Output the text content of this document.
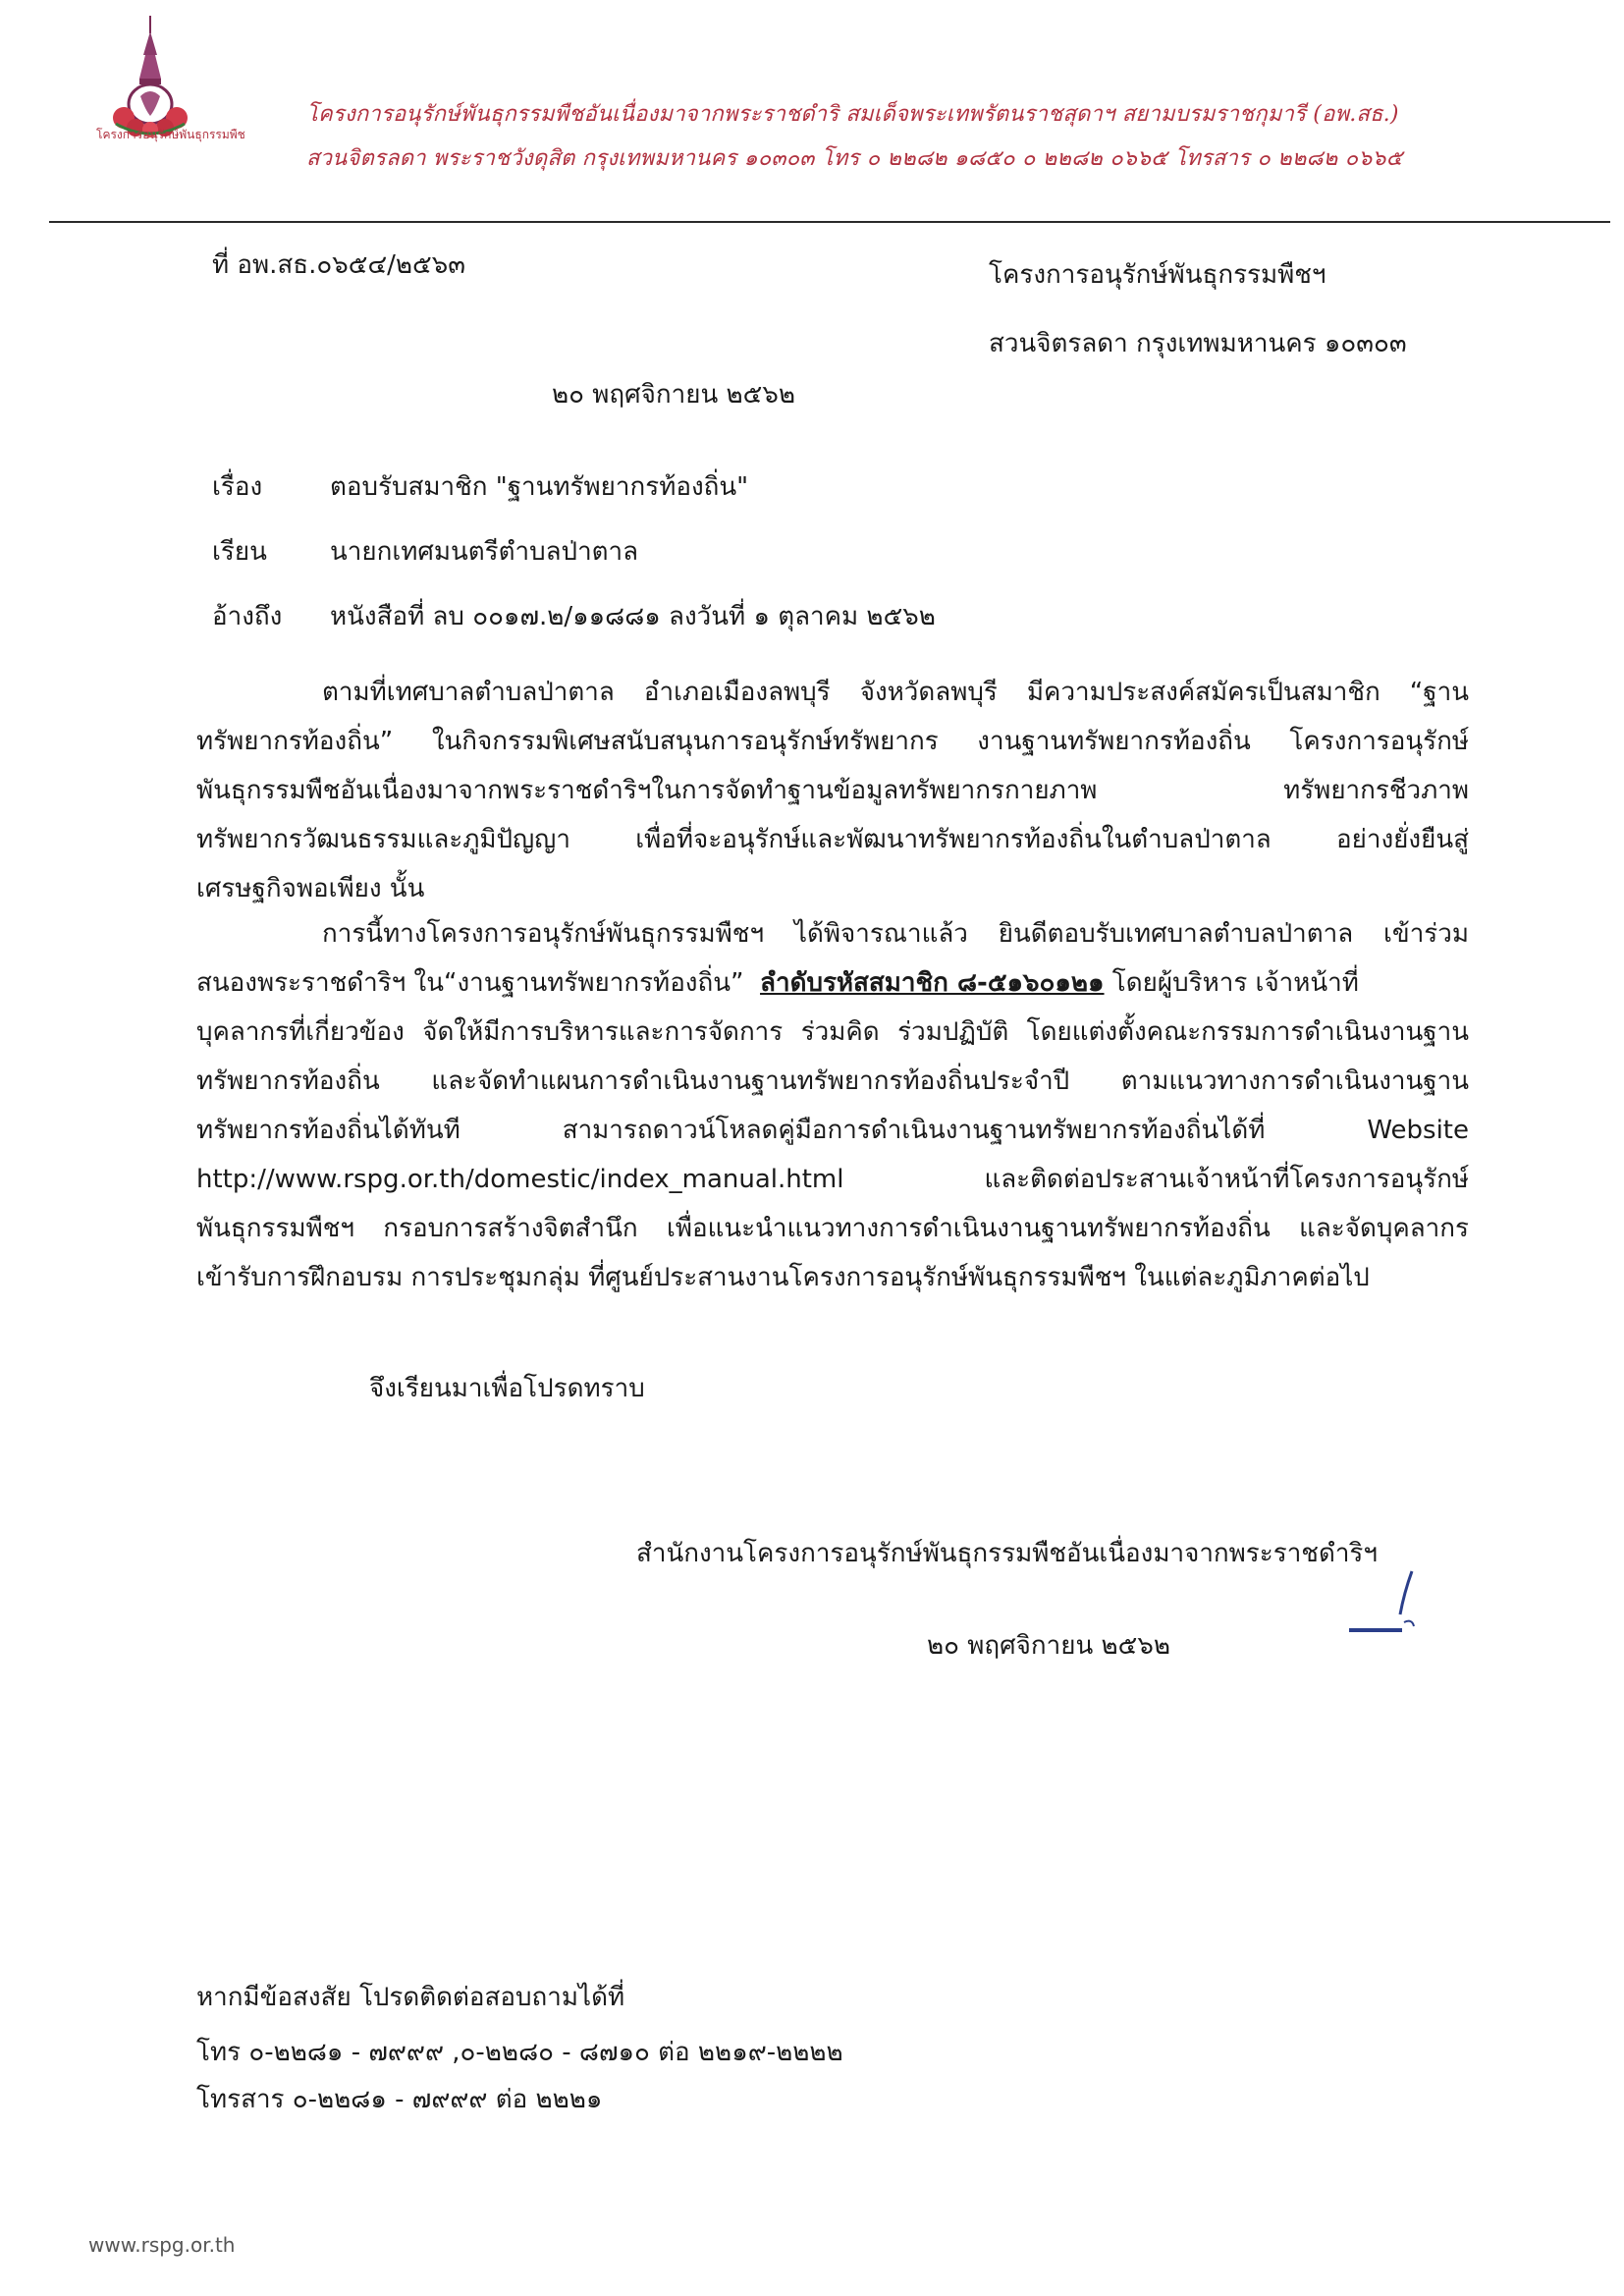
โครงการอนุรักษ์พันธุกรรมพืช
โครงการอนุรักษ์พันธุกรรมพืชอันเนื่องมาจากพระราชดำริ สมเด็จพระเทพรัตนราชสุดาฯ สยามบรมราชกุมารี (อพ.สธ.)
สวนจิตรลดา พระราชวังดุสิต กรุงเทพมหานคร ๑๐๓๐๓ โทร ๐ ๒๒๘๒ ๑๘๕๐ ๐ ๒๒๘๒ ๐๖๖๕ โทรสาร ๐ ๒๒๘๒ ๐๖๖๕
ที่ อพ.สธ.๐๖๕๔/๒๕๖๓	โครงการอนุรักษ์พันธุกรรมพืชฯ
สวนจิตรลดา กรุงเทพมหานคร ๑๐๓๐๓
๒๐ พฤศจิกายน ๒๕๖๒
เรื่อง	ตอบรับสมาชิก "ฐานทรัพยากรท้องถิ่น"
เรียน นายกเทศมนตรีตำบลป่าตาล
อ้างถึง หนังสือที่ ลบ ๐๐๑๗.๒/๑๑๘๘๑ ลงวันที่ ๑ ตุลาคม ๒๕๖๒
ตามที่เทศบาลตำบลป่าตาล อำเภอเมืองลพบุรี จังหวัดลพบุรี มีความประสงค์สมัครเป็นสมาชิก “ฐาน
ทรัพยากรท้องถิ่น” ในกิจกรรมพิเศษสนับสนุนการอนุรักษ์ทรัพยากร งานฐานทรัพยากรท้องถิ่น โครงการอนุรักษ์
พันธุกรรมพืชอันเนื่องมาจากพระราชดำริฯในการจัดทำฐานข้อมูลทรัพยากรกายภาพ ทรัพยากรชีวภาพ
ทรัพยากรวัฒนธรรมและภูมิปัญญา เพื่อที่จะอนุรักษ์และพัฒนาทรัพยากรท้องถิ่นในตำบลป่าตาล อย่างยั่งยืนสู่
เศรษฐกิจพอเพียง นั้น
การนี้ทางโครงการอนุรักษ์พันธุกรรมพืชฯ ได้พิจารณาแล้ว ยินดีตอบรับเทศบาลตำบลป่าตาล เข้าร่วม
สนองพระราชดำริฯ ใน“งานฐานทรัพยากรท้องถิ่น” ลำดับรหัสสมาชิก ๘-๕๑๖๐๑๒๑ โดยผู้บริหาร เจ้าหน้าที่
บุคลากรที่เกี่ยวข้อง จัดให้มีการบริหารและการจัดการ ร่วมคิด ร่วมปฏิบัติ โดยแต่งตั้งคณะกรรมการดำเนินงานฐาน
ทรัพยากรท้องถิ่น และจัดทำแผนการดำเนินงานฐานทรัพยากรท้องถิ่นประจำปี ตามแนวทางการดำเนินงานฐาน
ทรัพยากรท้องถิ่นได้ทันที สามารถดาวน์โหลดคู่มือการดำเนินงานฐานทรัพยากรท้องถิ่นได้ที่ Website
http://www.rspg.or.th/domestic/index_manual.html และติดต่อประสานเจ้าหน้าที่โครงการอนุรักษ์
พันธุกรรมพืชฯ กรอบการสร้างจิตสำนึก เพื่อแนะนำแนวทางการดำเนินงานฐานทรัพยากรท้องถิ่น และจัดบุคลากร
เข้ารับการฝึกอบรม การประชุมกลุ่ม ที่ศูนย์ประสานงานโครงการอนุรักษ์พันธุกรรมพืชฯ ในแต่ละภูมิภาคต่อไป
จึงเรียนมาเพื่อโปรดทราบ
สำนักงานโครงการอนุรักษ์พันธุกรรมพืชอันเนื่องมาจากพระราชดำริฯ
๒๐ พฤศจิกายน ๒๕๖๒
หากมีข้อสงสัย โปรดติดต่อสอบถามได้ที่
โทร ๐-๒๒๘๑ - ๗๙๙๙ ,๐-๒๒๘๐ - ๘๗๑๐ ต่อ ๒๒๑๙-๒๒๒๒
โทรสาร ๐-๒๒๘๑ - ๗๙๙๙ ต่อ ๒๒๒๑
www.rspg.or.th
